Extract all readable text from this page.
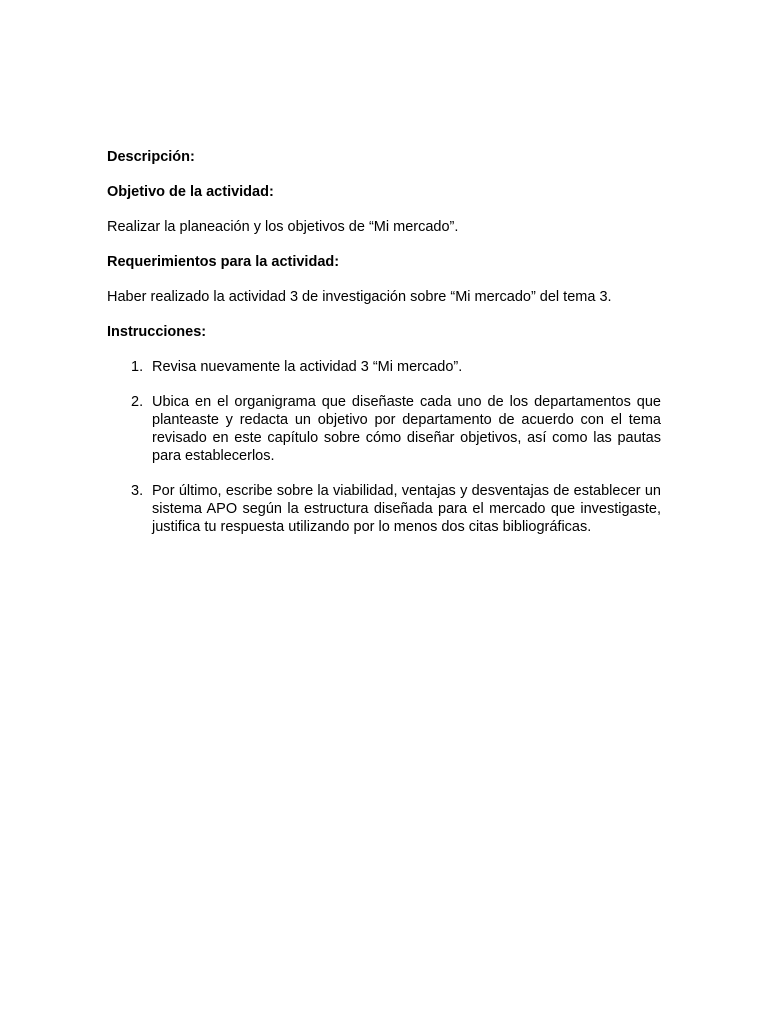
Descripción:

Objetivo de la actividad:

Realizar la planeación y los objetivos de “Mi mercado”.

Requerimientos para la actividad:

Haber realizado la actividad 3 de investigación sobre “Mi mercado” del tema 3.

Instrucciones:

1. Revisa nuevamente la actividad 3 “Mi mercado”.
2. Ubica en el organigrama que diseñaste cada uno de los departamentos que planteaste y redacta un objetivo por departamento de acuerdo con el tema revisado en este capítulo sobre cómo diseñar objetivos, así como las pautas para establecerlos.
3. Por último, escribe sobre la viabilidad, ventajas y desventajas de establecer un sistema APO según la estructura diseñada para el mercado que investigaste, justifica tu respuesta utilizando por lo menos dos citas bibliográficas.
